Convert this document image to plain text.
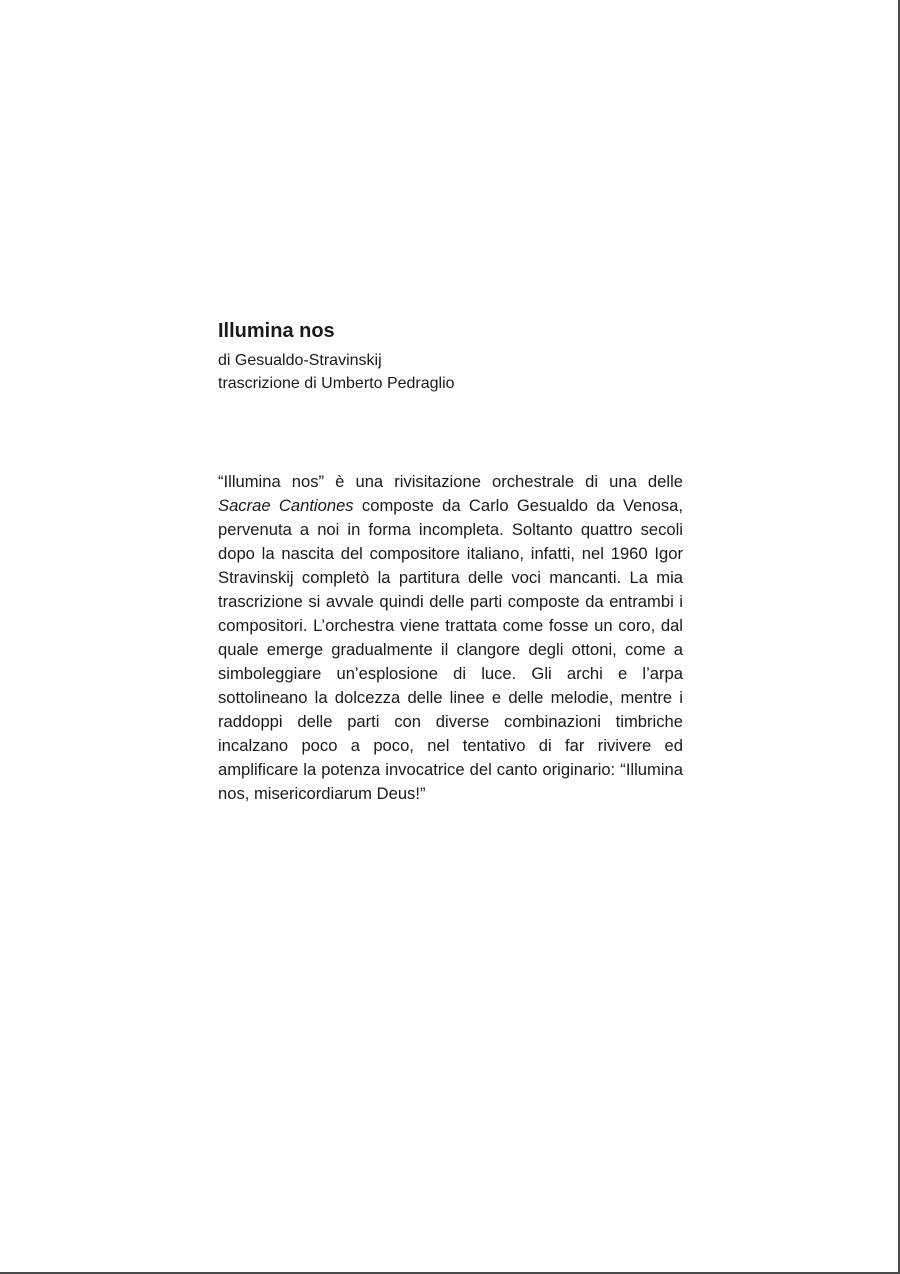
Illumina nos

di Gesualdo-Stravinskij

trascrizione di Umberto Pedraglio

“Illumina nos” è una rivisitazione orchestrale di una delle Sacrae Cantiones composte da Carlo Gesualdo da Venosa, pervenuta a noi in forma incompleta. Soltanto quattro secoli dopo la nascita del compositore italiano, infatti, nel 1960 Igor Stravinskij completò la partitura delle voci mancanti. La mia trascrizione si avvale quindi delle parti composte da entrambi i compositori. L’orchestra viene trattata come fosse un coro, dal quale emerge gradualmente il clangore degli ottoni, come a simboleggiare un’esplosione di luce. Gli archi e l’arpa sottolineano la dolcezza delle linee e delle melodie, mentre i raddoppi delle parti con diverse combinazioni timbriche incalzano poco a poco, nel tentativo di far rivivere ed amplificare la potenza invocatrice del canto originario: “Illumina nos, misericordiarum Deus!”
